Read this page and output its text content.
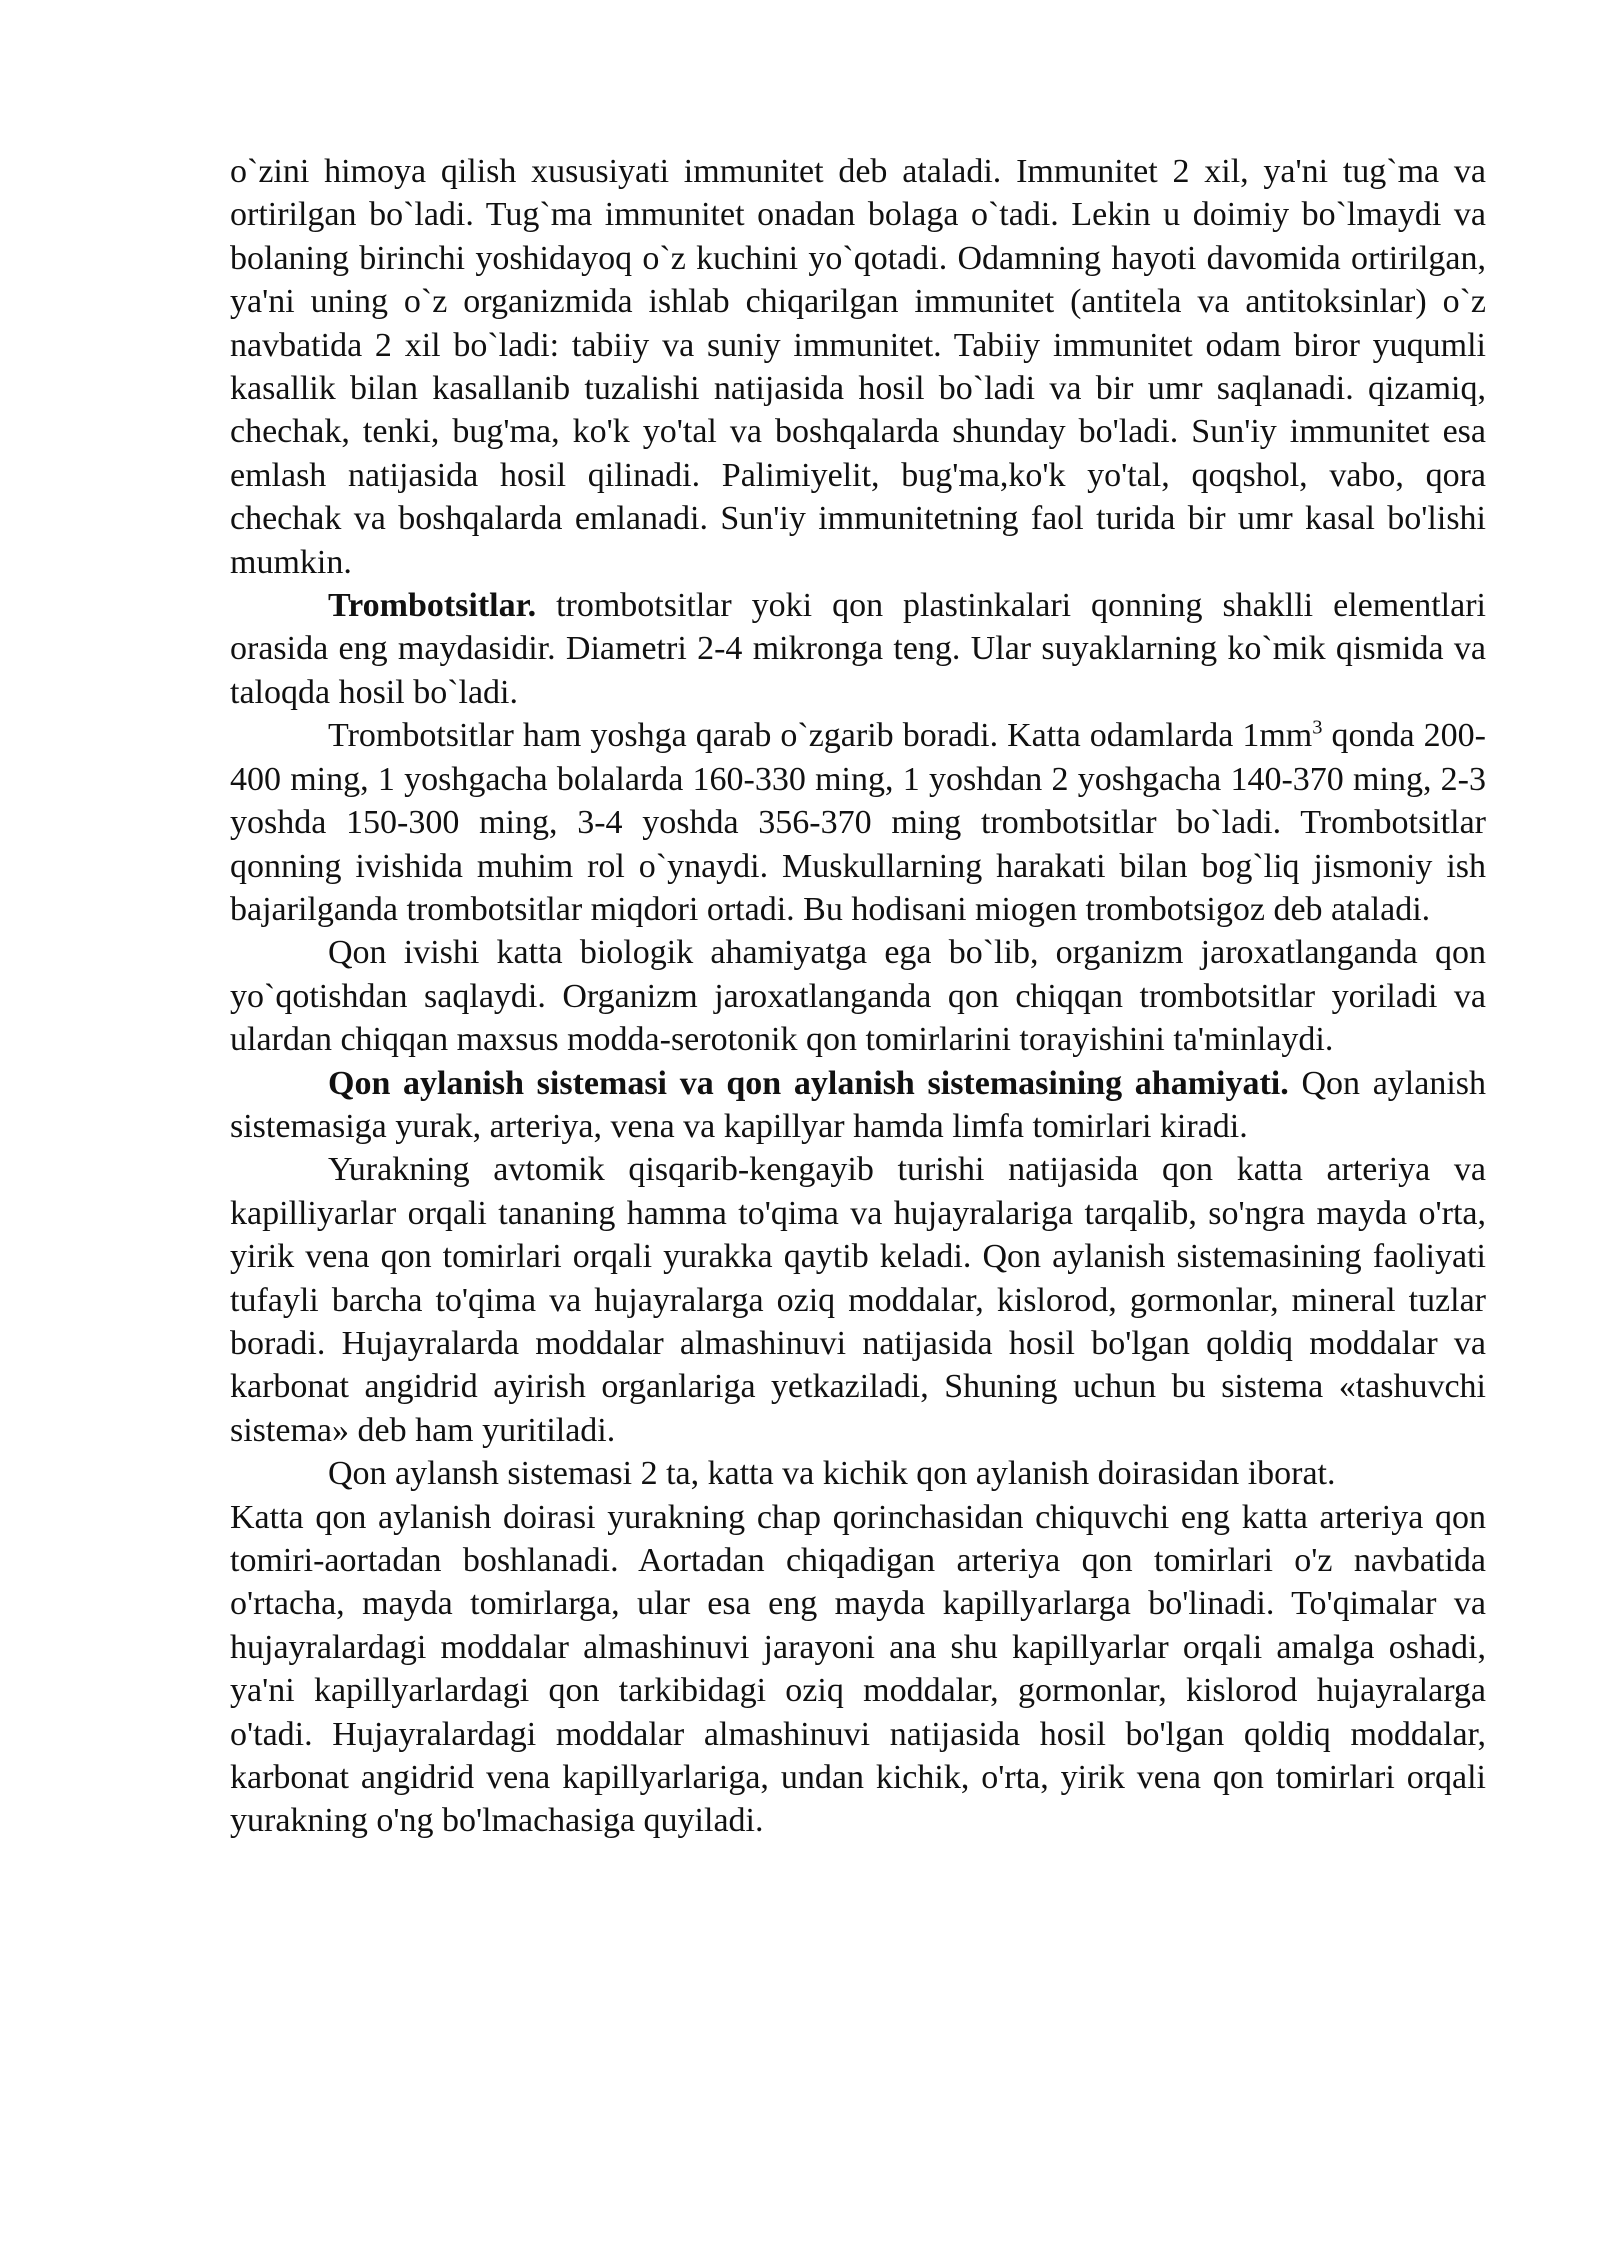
o`zini himoya qilish xususiyati immunitet deb ataladi. Immunitet 2 xil, ya'ni tug`ma va ortirilgan bo`ladi. Tug`ma immunitet onadan bolaga o`tadi. Lekin u doimiy bo`lmaydi va bolaning birinchi yoshidayoq o`z kuchini yo`qotadi. Odamning hayoti davomida ortirilgan, ya'ni uning o`z organizmida ishlab chiqarilgan immunitet (antitela va antitoksinlar) o`z navbatida 2 xil bo`ladi: tabiiy va suniy immunitet. Tabiiy immunitet odam biror yuqumli kasallik bilan kasallanib tuzalishi natijasida hosil bo`ladi va bir umr saqlanadi. qizamiq, chechak, tenki, bug'ma, ko'k yo'tal va boshqalarda shunday bo'ladi. Sun'iy immunitet esa emlash natijasida hosil qilinadi. Palimiyelit, bug'ma,ko'k yo'tal, qoqshol, vabo, qora chechak va boshqalarda emlanadi. Sun'iy immunitetning faol turida bir umr kasal bo'lishi mumkin.

Trombotsitlar. trombotsitlar yoki qon plastinkalari qonning shaklli elementlari orasida eng maydasidir. Diametri 2-4 mikronga teng. Ular suyaklarning ko`mik qismida va taloqda hosil bo`ladi.

Trombotsitlar ham yoshga qarab o`zgarib boradi. Katta odamlarda $1mm^3$ qonda 200-400 ming, 1 yoshgacha bolalarda 160-330 ming, 1 yoshdan 2 yoshgacha 140-370 ming, 2-3 yoshda 150-300 ming, 3-4 yoshda 356-370 ming trombotsitlar bo`ladi. Trombotsitlar qonning ivishida muhim rol o`ynaydi. Muskullarning harakati bilan bog`liq jismoniy ish bajarilganda trombotsitlar miqdori ortadi. Bu hodisani miogen trombotsigoz deb ataladi.

Qon ivishi katta biologik ahamiyatga ega bo`lib, organizm jaroxatlanganda qon yo`qotishdan saqlaydi. Organizm jaroxatlanganda qon chiqqan trombotsitlar yoriladi va ulardan chiqqan maxsus modda-serotonik qon tomirlarini torayishini ta'minlaydi.

Qon aylanish sistemasi va qon aylanish sistemasining ahamiyati. Qon aylanish sistemasiga yurak, arteriya, vena va kapillyar hamda limfa tomirlari kiradi.

Yurakning avtomik qisqarib-kengayib turishi natijasida qon katta arteriya va kapilliyarlar orqali tananing hamma to'qima va hujayralariga tarqalib, so'ngra mayda o'rta, yirik vena qon tomirlari orqali yurakka qaytib keladi. Qon aylanish sistemasining faoliyati tufayli barcha to'qima va hujayralarga oziq moddalar, kislorod, gormonlar, mineral tuzlar boradi. Hujayralarda moddalar almashinuvi natijasida hosil bo'lgan qoldiq moddalar va karbonat angidrid ayirish organlariga yetkaziladi, Shuning uchun bu sistema «tashuvchi sistema» deb ham yuritiladi.

Qon aylansh sistemasi 2 ta, katta va kichik qon aylanish doirasidan iborat.

Katta qon aylanish doirasi yurakning chap qorinchasidan chiquvchi eng katta arteriya qon tomiri-aortadan boshlanadi. Aortadan chiqadigan arteriya qon tomirlari o'z navbatida o'rtacha, mayda tomirlarga, ular esa eng mayda kapillyarlarga bo'linadi. To'qimalar va hujayralardagi moddalar almashinuvi jarayoni ana shu kapillyarlar orqali amalga oshadi, ya'ni kapillyarlardagi qon tarkibidagi oziq moddalar, gormonlar, kislorod hujayralarga o'tadi. Hujayralardagi moddalar almashinuvi natijasida hosil bo'lgan qoldiq moddalar, karbonat angidrid vena kapillyarlariga, undan kichik, o'rta, yirik vena qon tomirlari orqali yurakning o'ng bo'lmachasiga quyiladi.
